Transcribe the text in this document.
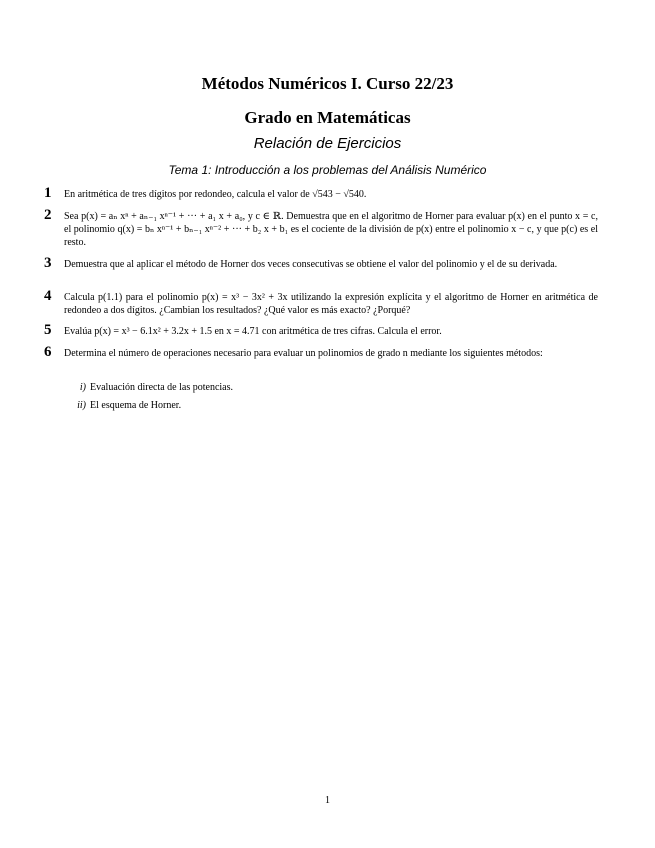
Métodos Numéricos I. Curso 22/23
Grado en Matemáticas
Relación de Ejercicios
Tema 1: Introducción a los problemas del Análisis Numérico
1 En aritmética de tres dígitos por redondeo, calcula el valor de √543 − √540.
2 Sea p(x) = aₙ xⁿ + aₙ₋₁ xⁿ⁻¹ + ··· + a₁ x + a₀, y c ∈ ℝ. Demuestra que en el algoritmo de Horner para evaluar p(x) en el punto x = c, el polinomio q(x) = bₙ xⁿ⁻¹ + bₙ₋₁ xⁿ⁻² + ··· + b₂ x + b₁ es el cociente de la división de p(x) entre el polinomio x − c, y que p(c) es el resto.
3 Demuestra que al aplicar el método de Horner dos veces consecutivas se obtiene el valor del polinomio y el de su derivada.
4 Calcula p(1.1) para el polinomio p(x) = x³ − 3x² + 3x utilizando la expresión explícita y el algoritmo de Horner en aritmética de redondeo a dos dígitos. ¿Cambian los resultados? ¿Qué valor es más exacto? ¿Porqué?
5 Evalúa p(x) = x³ − 6.1x² + 3.2x + 1.5 en x = 4.71 con aritmética de tres cifras. Calcula el error.
6 Determina el número de operaciones necesario para evaluar un polinomios de grado n mediante los siguientes métodos:
i) Evaluación directa de las potencias.
ii) El esquema de Horner.
1
